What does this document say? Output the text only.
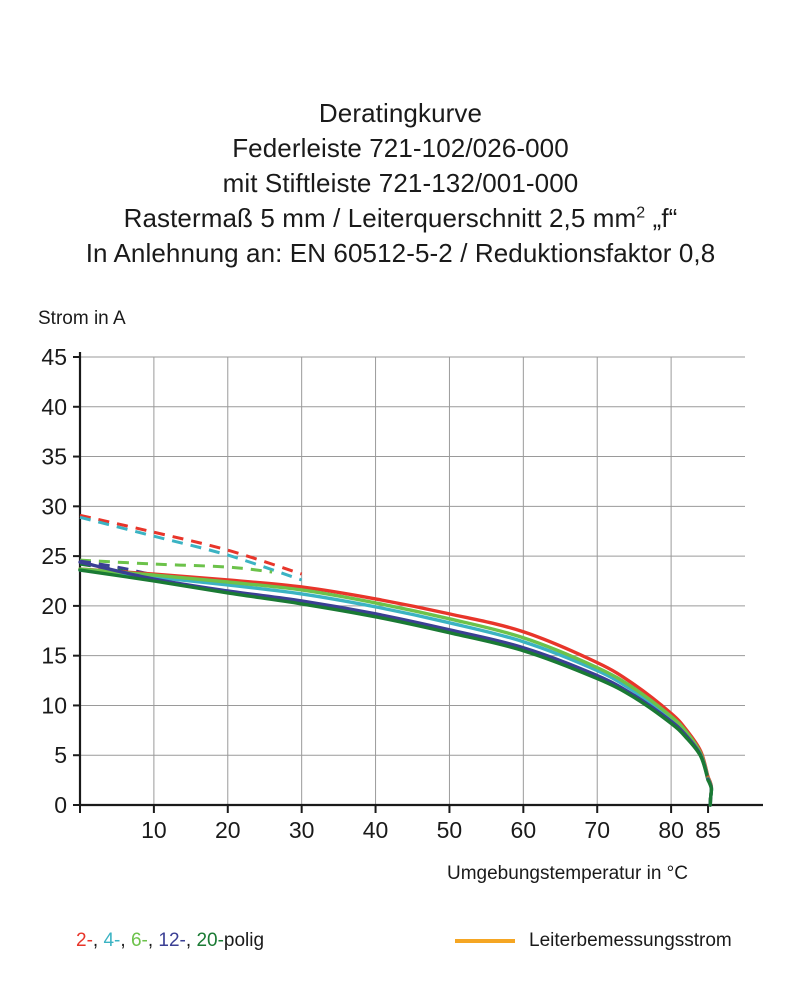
Deratingkurve
Federleiste 721-102/026-000
mit Stiftleiste 721-132/001-000
Rastermaß 5 mm / Leiterquerschnitt 2,5 $mm^2$ „f“
In Anlehnung an: EN 60512-5-2 / Reduktionsfaktor 0,8
Strom in A
Umgebungstemperatur in °C
0
5
10
15
20
25
30
35
40
45
10 20 30 40 50 60 70 80 85
2-, 4-, 6-, 12-, 20-polig	Leiterbemessungsstrom
